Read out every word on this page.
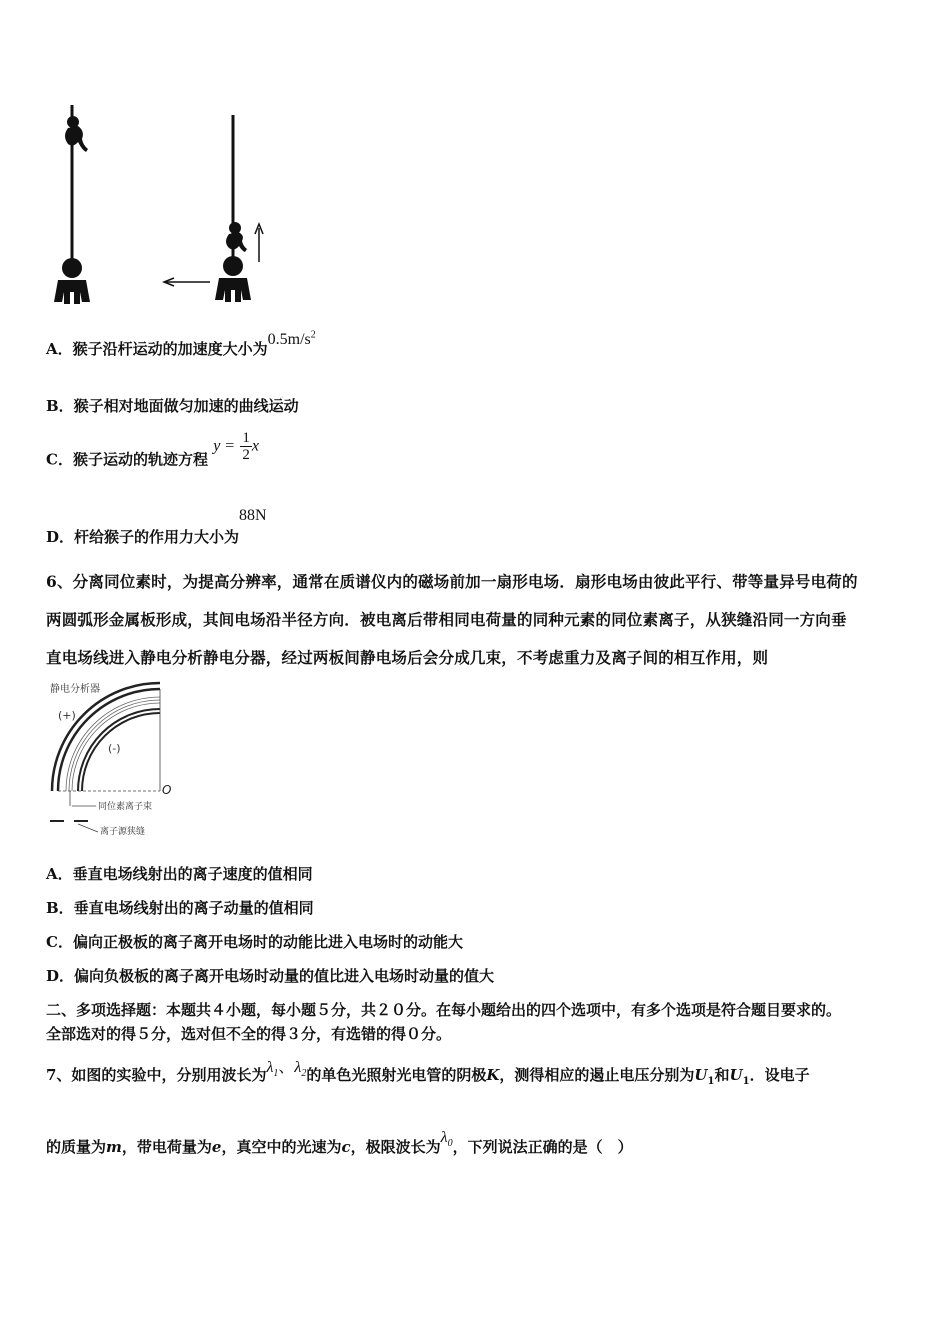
A．猴子沿杆运动的加速度大小为$0.5m/s^2$
B．猴子相对地面做匀加速的曲线运动
C．猴子运动的轨迹方程 $y = \frac{1}{2}$ x
D．杆给猴子的作用力大小为88N
6、分离同位素时，为提高分辨率，通常在质谱仪内的磁场前加一扇形电场．扇形电场由彼此平行、带等量异号电荷的
两圆弧形金属板形成，其间电场沿半径方向．被电离后带相同电荷量的同种元素的同位素离子，从狭缝沿同一方向垂
直电场线进入静电分析静电分器，经过两板间静电场后会分成几束，不考虑重力及离子间的相互作用，则
静电分析器
(+)
(-)
O
同位素离子束
离子源狭缝
A．垂直电场线射出的离子速度的值相同
B．垂直电场线射出的离子动量的值相同
C．偏向正极板的离子离开电场时的动能比进入电场时的动能大
D．偏向负极板的离子离开电场时动量的值比进入电场时动量的值大
二、多项选择题：本题共４小题，每小题５分，共２０分。在每小题给出的四个选项中，有多个选项是符合题目要求的。
全部选对的得５分，选对但不全的得３分，有选错的得０分。
7、如图的实验中，分别用波长为$\lambda_1$、$\lambda_2$的单色光照射光电管的阴极K，测得相应的遏止电压分别为$U_1$和$U_1$．设电子
的质量为m，带电荷量为e，真空中的光速为c，极限波长为$\lambda_0$，下列说法正确的是（　）
